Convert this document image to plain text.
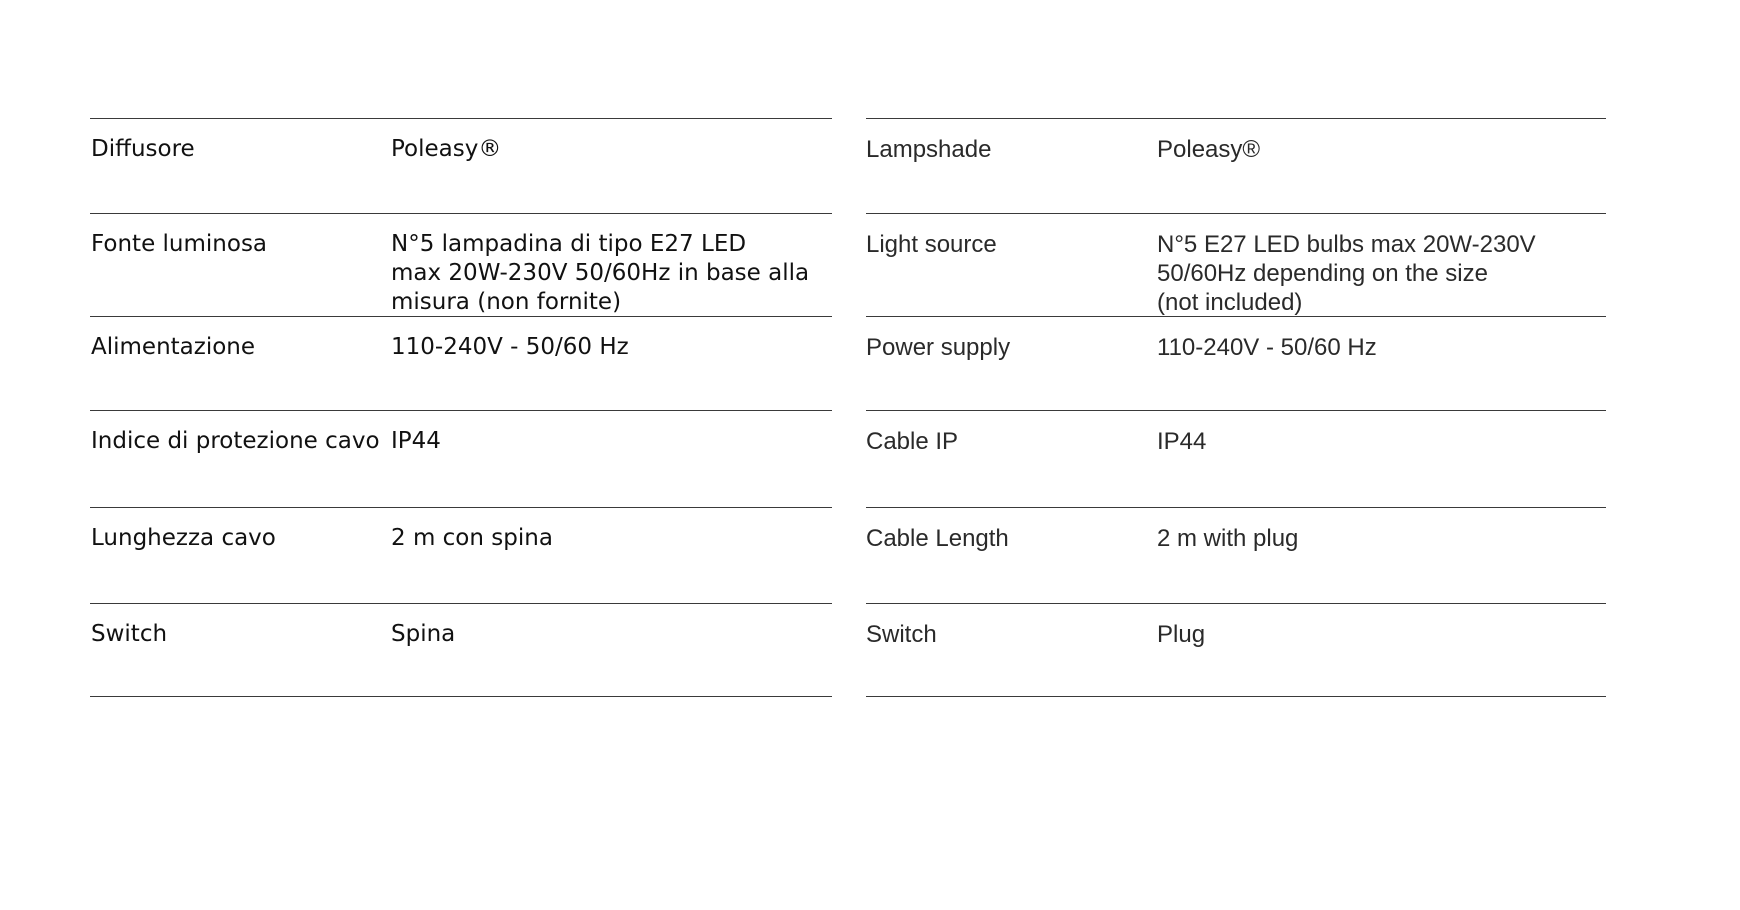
Diffusore	Poleasy®
Fonte luminosa	N°5 lampadina di tipo E27 LED
max 20W-230V 50/60Hz in base alla
misura (non fornite)
Alimentazione	110-240V - 50/60 Hz
Indice di protezione cavo IP44
Lunghezza cavo	2 m con spina
Switch	Spina
Lampshade	Poleasy®
Light source	N°5 E27 LED bulbs max 20W-230V
50/60Hz depending on the size
(not included)
Power supply	110-240V - 50/60 Hz
Cable IP	IP44
Cable Length	2 m with plug
Switch	Plug
